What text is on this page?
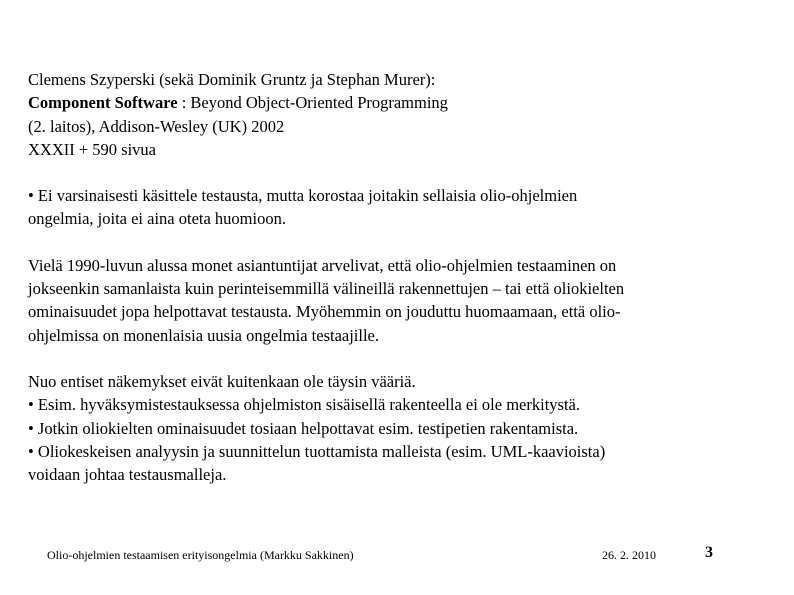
Clemens Szyperski (sekä Dominik Gruntz ja Stephan Murer):
Component Software : Beyond Object-Oriented Programming
(2. laitos), Addison-Wesley (UK) 2002
XXXII + 590 sivua
• Ei varsinaisesti käsittele testausta, mutta korostaa joitakin sellaisia olio-ohjelmien
ongelmia, joita ei aina oteta huomioon.
Vielä 1990-luvun alussa monet asiantuntijat arvelivat, että olio-ohjelmien testaaminen on
jokseenkin samanlaista kuin perinteisemmillä välineillä rakennettujen – tai että oliokielten
ominaisuudet jopa helpottavat testausta. Myöhemmin on jouduttu huomaamaan, että olio-
ohjelmissa on monenlaisia uusia ongelmia testaajille.
Nuo entiset näkemykset eivät kuitenkaan ole täysin vääriä.
• Esim. hyväksymistestauksessa ohjelmiston sisäisellä rakenteella ei ole merkitystä.
• Jotkin oliokielten ominaisuudet tosiaan helpottavat esim. testipetien rakentamista.
• Oliokeskeisen analyysin ja suunnittelun tuottamista malleista (esim. UML-kaavioista)
voidaan johtaa testausmalleja.
Olio-ohjelmien testaamisen erityisongelmia (Markku Sakkinen)	26. 2. 2010	3
